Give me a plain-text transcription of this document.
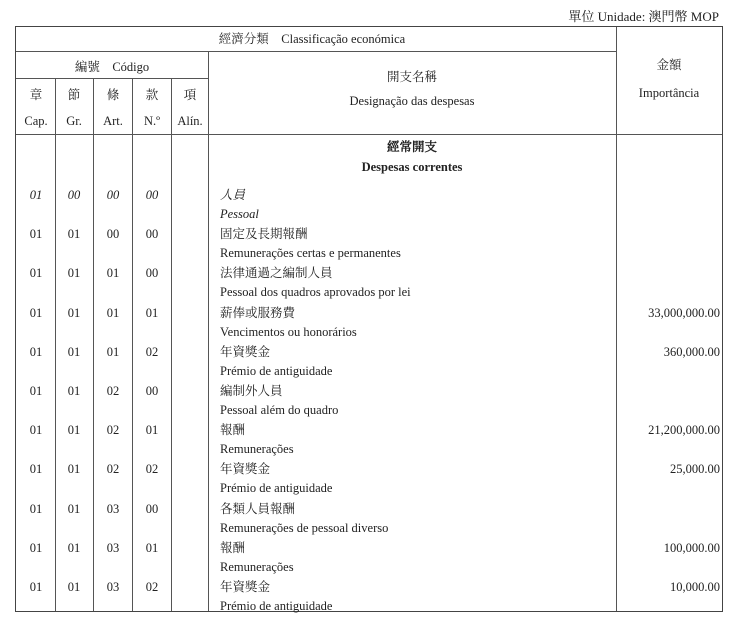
單位 Unidade: 澳門幣 MOP
經濟分類　Classificação económica
編號　Código
章
Cap.
節
Gr.
條
Art.
款
N.º
項
Alín.
開支名稱
Designação das despesas
金額
Importância
經常開支
Despesas correntes
01 00 00 00	人員
Pessoal
01 01 00 00	固定及長期報酬
Remunerações certas e permanentes
01 01 01 00	法律通過之編制人員
Pessoal dos quadros aprovados por lei
01 01 01 01	薪俸或服務費
Vencimentos ou honorários
33,000,000.00
01 01 01 02	年資獎金
Prémio de antiguidade
360,000.00
01 01 02 00	編制外人員
Pessoal além do quadro
01 01 02 01	報酬
Remunerações
21,200,000.00
01 01 02 02	年資獎金
Prémio de antiguidade
25,000.00
01 01 03 00	各類人員報酬
Remunerações de pessoal diverso
01 01 03 01	報酬
Remunerações
100,000.00
01 01 03 02	年資獎金
Prémio de antiguidade
10,000.00
